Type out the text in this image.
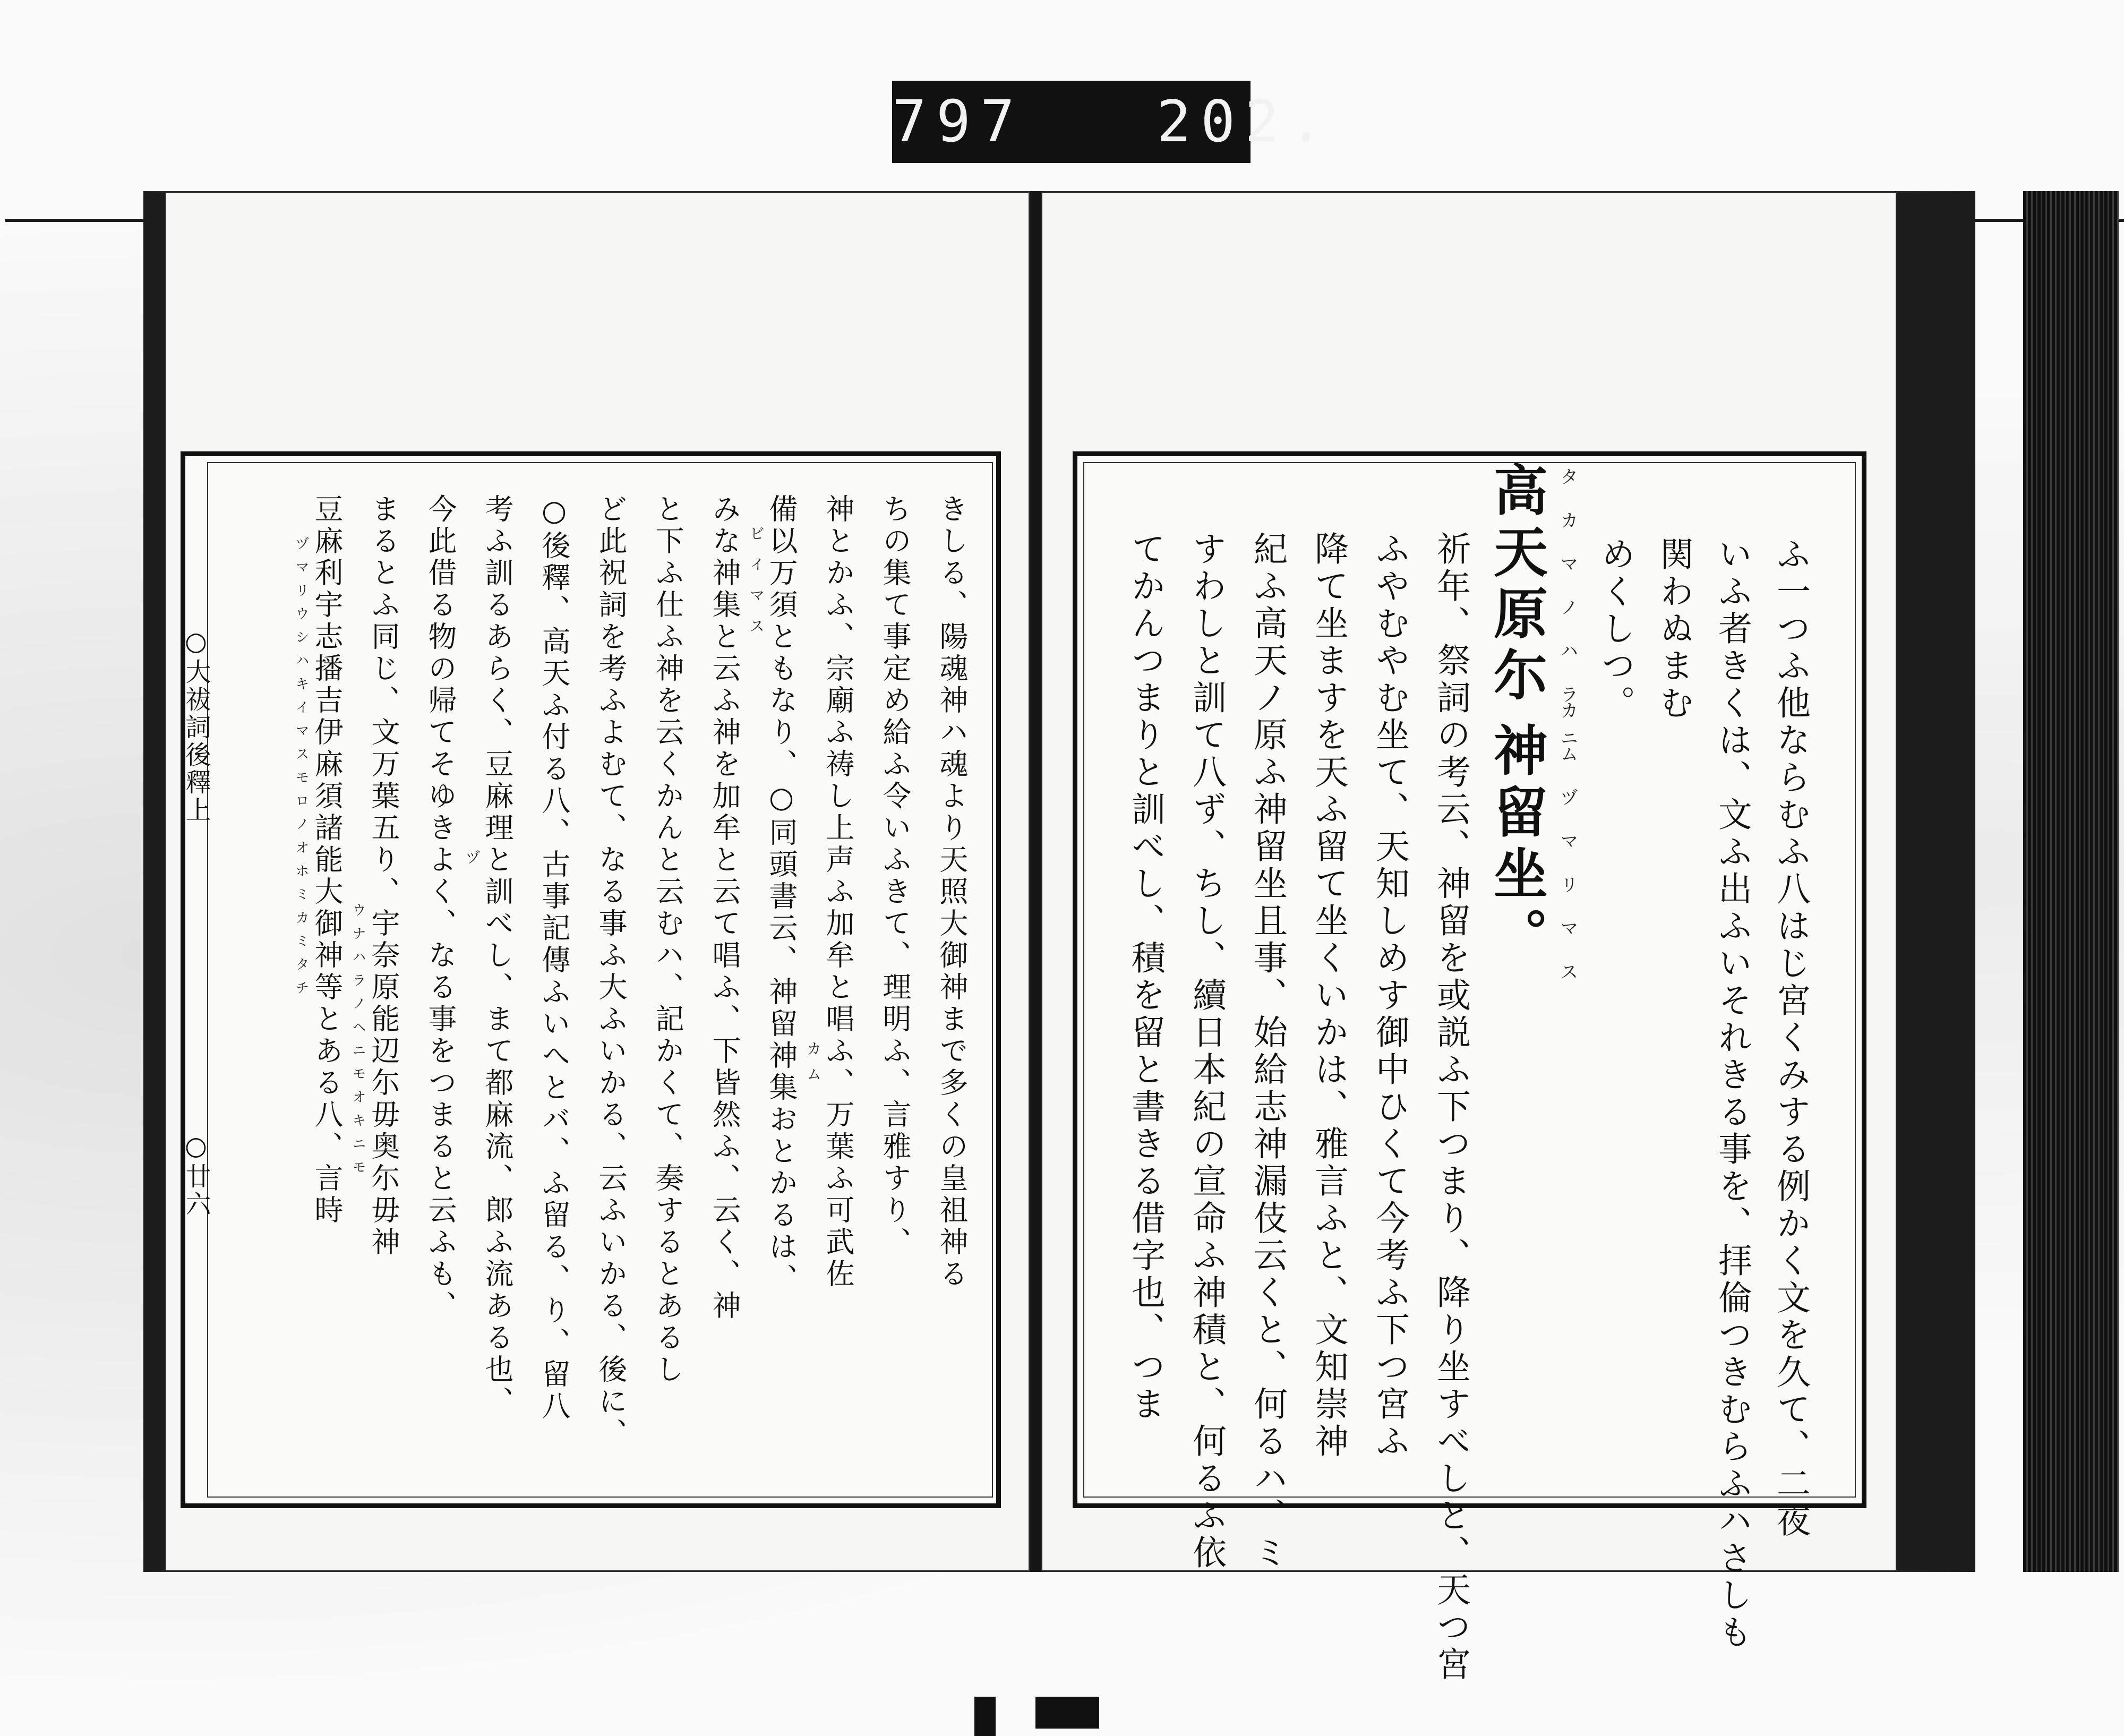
797   202.
○大祓詞後釋上
○廿六	ふ一つふ他ならむふ八はじ宮くみする例かく文を久て、二夜
いふ者きくは、文ふ出ふいそれきる事を、拝倫つきむらふハさしも
関わぬまむ
めくしつ。
タカマノハラニ
高天原尓
カムヅマリマス
神留坐。
祈年、祭詞の考云、神留を或説ふ下つまり、降り坐すべしと、天つ宮
ふやむやむ坐て、天知しめす御中ひくて今考ふ下つ宮ふ
降て坐ますを天ふ留て坐くいかは、雅言ふと、文知崇神
紀ふ高天ノ原ふ神留坐且事、始給志神漏伎云くと、何るハ、ミ
すわしと訓て八ず、ちし、續日本紀の宣命ふ神積と、何るふ依
てかんつまりと訓べし、積を留と書きる借字也、つま
きしる、陽魂神ハ魂より天照大御神まで多くの皇祖神る
ちの集て事定め給ふ令いふきて、理明ふ、言雅すり、
神とかふ、宗廟ふ祷し上声ふ加牟と唱ふ、万葉ふ可武佐
備以万須ともなり、○同頭書云、神留神集おとかるは、
みな神集と云ふ神を加牟と云て唱ふ、下皆然ふ、云く、神
と下ふ仕ふ神を云くかんと云むハ、記かくて、奏するとあるし
ど此祝詞を考ふよむて、なる事ふ大ふいかる、云ふいかる、後に、
○後釋、高天ふ付る八、古事記傳ふいへとバ、ふ留る、り、留八
考ふ訓るあらく、豆麻理と訓べし、まて都麻流、郎ふ流ある也、
今此借る物の帰てそゆきよく、なる事をつまると云ふも、
まるとふ同じ、文万葉五り、宇奈原能辺尓毋奥尓毋神
豆麻利宇志播吉伊麻須諸能大御神等とある八、言時	カム
ビイマス
ヅ
ウナハラノヘニモオキニモ
ヅマリウシハキイマスモロノオホミカミタチ
